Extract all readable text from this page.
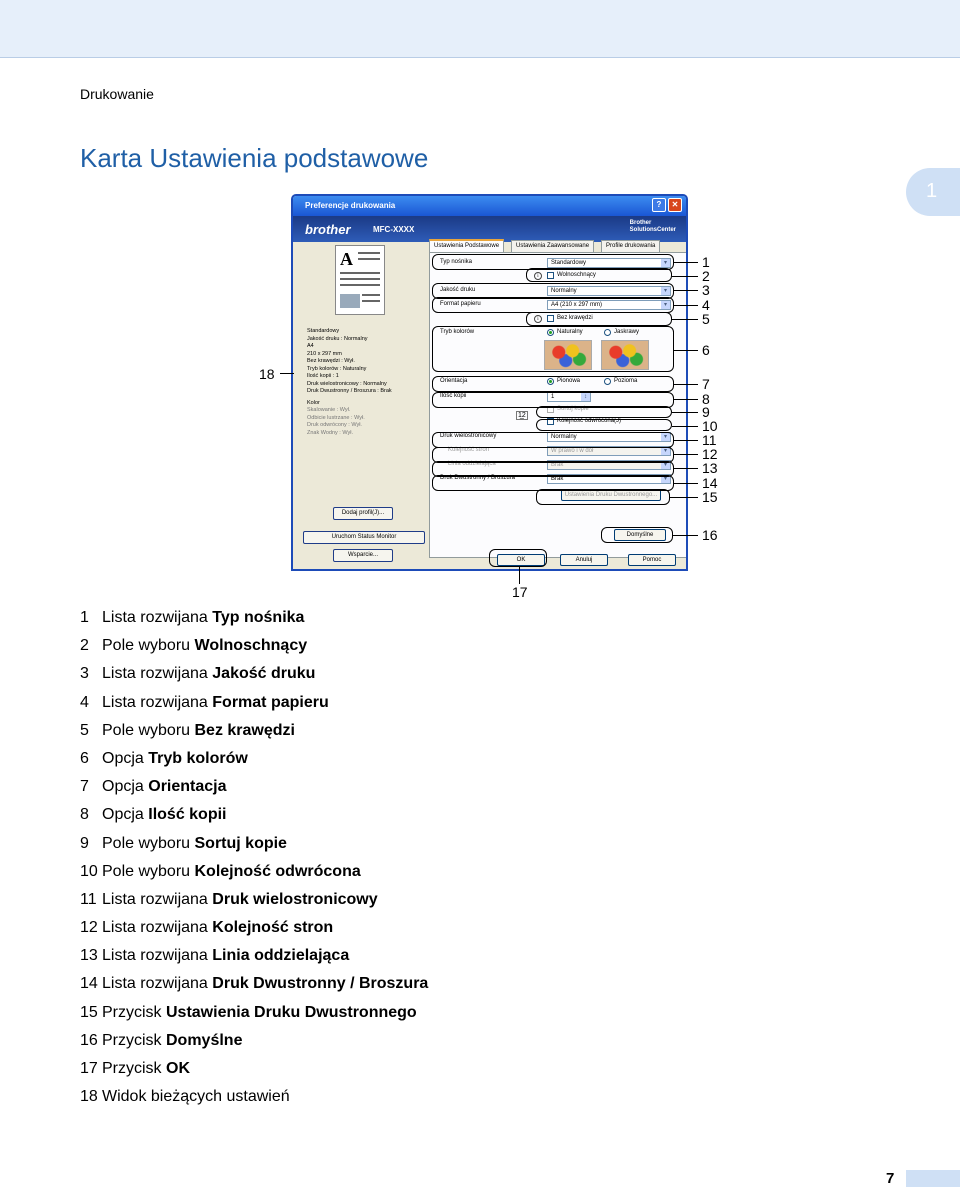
Drukowanie
Karta Ustawienia podstawowe
1
Preferencje drukowania	?	✕
brother	MFC-XXXX
Brother
SolutionsCenter
A
Standardowy
Jakość druku : Normalny
A4
210 x 297 mm
Bez krawędzi : Wył.
Tryb kolorów : Naturalny
Ilość kopii : 1
Druk wielostronicowy : Normalny
Druk Dwustronny / Broszura : Brak
Kolor
Skalowanie : Wył.
Odbicie lustrzane : Wył.
Druk odwrócony : Wył.
Znak Wodny : Wył.
Dodaj profil(J)...
Uruchom Status Monitor
Wsparcie...
Ustawienia Podstawowe	Ustawienia Zaawansowane	Profile drukowania
Typ nośnika	Standardowy	▾
i	Wolnoschnący
Jakość druku	Normalny	▾
Format papieru	A4 (210 x 297 mm)	▾
i	Bez krawędzi
Tryb kolorów	Naturalny	Jaskrawy
Orientacja	Pionowa	Pozioma
Ilość kopii	1	↕
Sortuj kopie
1̲2
Kolejność odwrócona(J)
Druk wielostronicowy	Normalny	▾
Kolejność stron	W prawo i w dół	▾
Linia oddzielająca	Brak	▾
Druk Dwustronny / Broszura	Brak	▾
Ustawienia Druku Dwustronnego...
Domyślne
OK	Anuluj	Pomoc
1
2
3
4
5
6
7
8
9
10
11
12
13
14
15
16
17
18
1 Lista rozwijana Typ nośnika
2 Pole wyboru Wolnoschnący
3 Lista rozwijana Jakość druku
4 Lista rozwijana Format papieru
5 Pole wyboru Bez krawędzi
6 Opcja Tryb kolorów
7 Opcja Orientacja
8 Opcja Ilość kopii
9 Pole wyboru Sortuj kopie
10 Pole wyboru Kolejność odwrócona
11 Lista rozwijana Druk wielostronicowy
12 Lista rozwijana Kolejność stron
13 Lista rozwijana Linia oddzielająca
14 Lista rozwijana Druk Dwustronny / Broszura
15 Przycisk Ustawienia Druku Dwustronnego
16 Przycisk Domyślne
17 Przycisk OK
18 Widok bieżących ustawień
7
